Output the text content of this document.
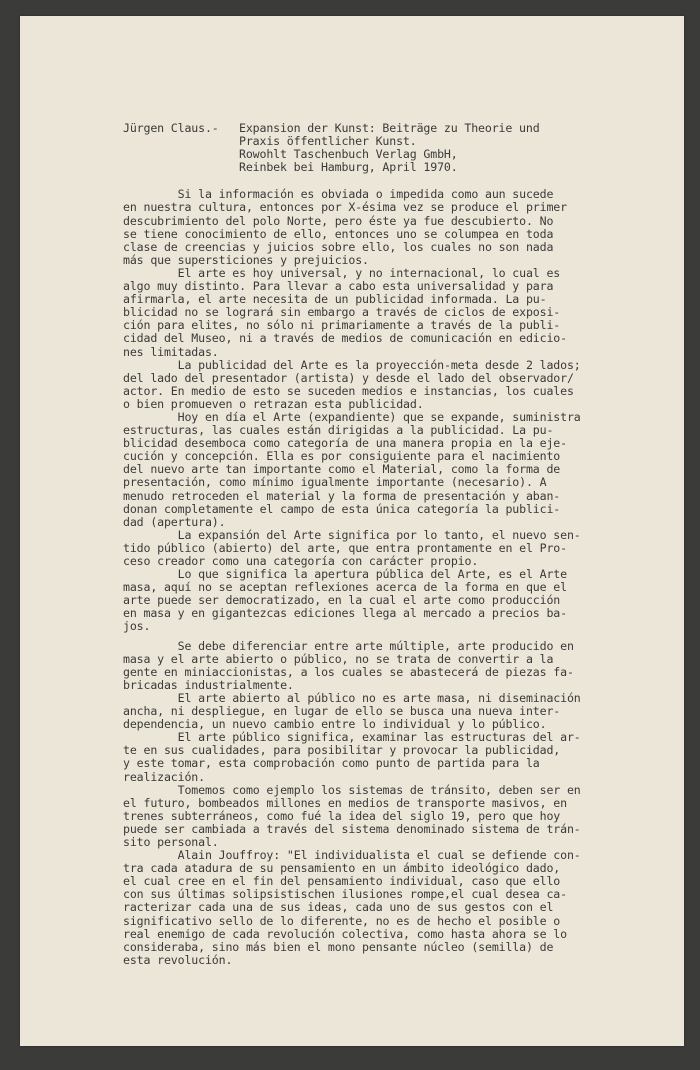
Jürgen Claus.-	Expansion der Kunst: Beiträge zu Theorie und
Praxis öffentlicher Kunst.
Rowohlt Taschenbuch Verlag GmbH,
Reinbek bei Hamburg, April 1970.
Si la información es obviada o impedida como aun sucede
en nuestra cultura, entonces por X-ésima vez se produce el primer
descubrimiento del polo Norte, pero éste ya fue descubierto. No
se tiene conocimiento de ello, entonces uno se columpea en toda
clase de creencias y juicios sobre ello, los cuales no son nada
más que supersticiones y prejuicios.
El arte es hoy universal, y no internacional, lo cual es
algo muy distinto. Para llevar a cabo esta universalidad y para
afirmarla, el arte necesita de un publicidad informada. La pu-
blicidad no se logrará sin embargo a través de ciclos de exposi-
ción para elites, no sólo ni primariamente a través de la publi-
cidad del Museo, ni a través de medios de comunicación en edicio-
nes limitadas.
La publicidad del Arte es la proyección-meta desde 2 lados;
del lado del presentador (artista) y desde el lado del observador/
actor. En medio de esto se suceden medios e instancias, los cuales
o bien promueven o retrazan esta publicidad.
Hoy en día el Arte (expandiente) que se expande, suministra
estructuras, las cuales están dirigidas a la publicidad. La pu-
blicidad desemboca como categoría de una manera propia en la eje-
cución y concepción. Ella es por consiguiente para el nacimiento
del nuevo arte tan importante como el Material, como la forma de
presentación, como mínimo igualmente importante (necesario). A
menudo retroceden el material y la forma de presentación y aban-
donan completamente el campo de esta única categoría la publici-
dad (apertura).
La expansión del Arte significa por lo tanto, el nuevo sen-
tido público (abierto) del arte, que entra prontamente en el Pro-
ceso creador como una categoría con carácter propio.
Lo que significa la apertura pública del Arte, es el Arte
masa, aquí no se aceptan reflexiones acerca de la forma en que el
arte puede ser democratizado, en la cual el arte como producción
en masa y en gigantezcas ediciones llega al mercado a precios ba-
jos.
Se debe diferenciar entre arte múltiple, arte producido en
masa y el arte abierto o público, no se trata de convertir a la
gente en miniaccionistas, a los cuales se abastecerá de piezas fa-
bricadas industrialmente.
El arte abierto al público no es arte masa, ni diseminación
ancha, ni despliegue, en lugar de ello se busca una nueva inter-
dependencia, un nuevo cambio entre lo individual y lo público.
El arte público significa, examinar las estructuras del ar-
te en sus cualidades, para posibilitar y provocar la publicidad,
y este tomar, esta comprobación como punto de partida para la
realización.
Tomemos como ejemplo los sistemas de tránsito, deben ser en
el futuro, bombeados millones en medios de transporte masivos, en
trenes subterráneos, como fué la idea del siglo 19, pero que hoy
puede ser cambiada a través del sistema denominado sistema de trán-
sito personal.
Alain Jouffroy: "El individualista el cual se defiende con-
tra cada atadura de su pensamiento en un ámbito ideológico dado,
el cual cree en el fin del pensamiento individual, caso que ello
con sus últimas solipsistischen ilusiones rompe,el cual desea ca-
racterizar cada una de sus ideas, cada uno de sus gestos con el
significativo sello de lo diferente, no es de hecho el posible o
real enemigo de cada revolución colectiva, como hasta ahora se lo
consideraba, sino más bien el mono pensante núcleo (semilla) de
esta revolución.
